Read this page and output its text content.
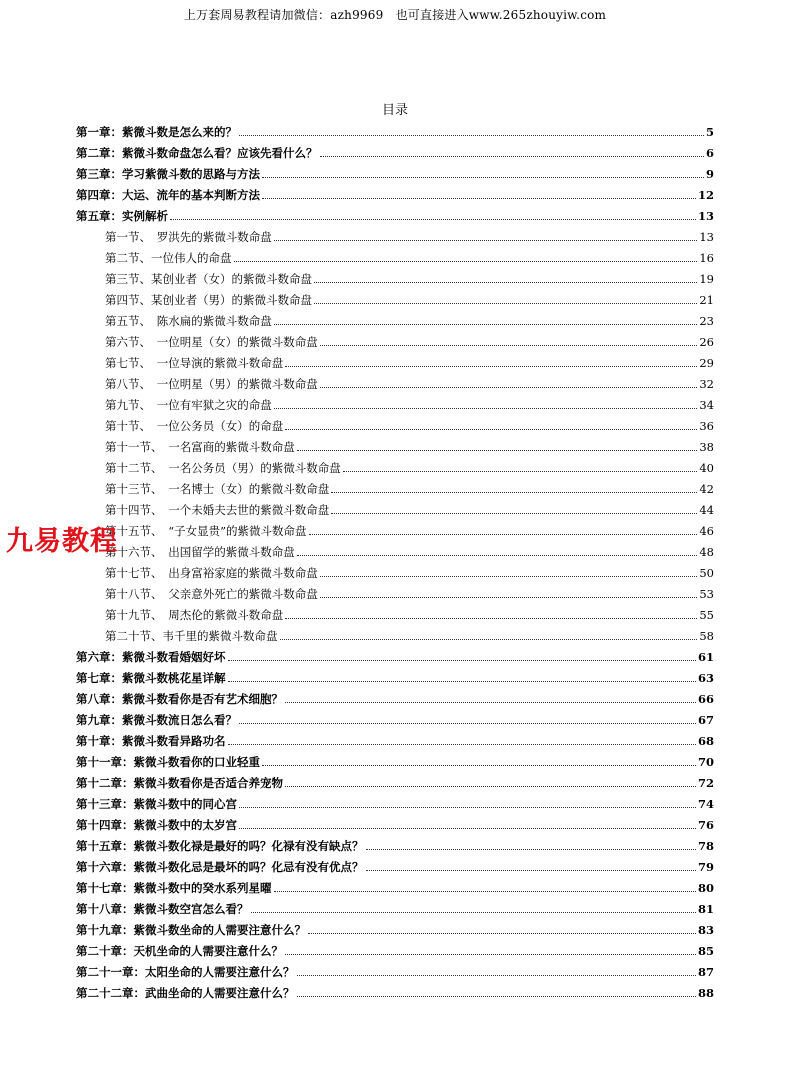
上万套周易教程请加微信：azh9969　也可直接进入www.265zhouyiw.com
目录
第一章：紫微斗数是怎么来的？	5
第二章：紫微斗数命盘怎么看？应该先看什么？	6
第三章：学习紫微斗数的思路与方法	9
第四章：大运、流年的基本判断方法	12
第五章：实例解析	13
第一节、　罗洪先的紫微斗数命盘	13
第二节、一位伟人的命盘	16
第三节、某创业者（女）的紫微斗数命盘	19
第四节、某创业者（男）的紫微斗数命盘	21
第五节、　陈水扁的紫微斗数命盘	23
第六节、　一位明星（女）的紫微斗数命盘	26
第七节、　一位导演的紫微斗数命盘	29
第八节、　一位明星（男）的紫微斗数命盘	32
第九节、　一位有牢狱之灾的命盘	34
第十节、　一位公务员（女）的命盘	36
第十一节、　一名富商的紫微斗数命盘	38
第十二节、　一名公务员（男）的紫微斗数命盘	40
第十三节、　一名博士（女）的紫微斗数命盘	42
第十四节、　一个未婚夫去世的紫微斗数命盘	44
第十五节、　“子女显贵”的紫微斗数命盘	46
第十六节、　出国留学的紫微斗数命盘	48
第十七节、　出身富裕家庭的紫微斗数命盘	50
第十八节、　父亲意外死亡的紫微斗数命盘	53
第十九节、　周杰伦的紫微斗数命盘	55
第二十节、韦千里的紫微斗数命盘	58
第六章：紫微斗数看婚姻好坏	61
第七章：紫微斗数桃花星详解	63
第八章：紫微斗数看你是否有艺术细胞？	66
第九章：紫微斗数流日怎么看？	67
第十章：紫微斗数看异路功名	68
第十一章：紫微斗数看你的口业轻重	70
第十二章：紫微斗数看你是否适合养宠物	72
第十三章：紫微斗数中的同心宫	74
第十四章：紫微斗数中的太岁宫	76
第十五章：紫微斗数化禄是最好的吗？化禄有没有缺点？	78
第十六章：紫微斗数化忌是最坏的吗？化忌有没有优点？	79
第十七章：紫微斗数中的癸水系列星曜	80
第十八章：紫微斗数空宫怎么看？	81
第十九章：紫微斗数坐命的人需要注意什么？	83
第二十章：天机坐命的人需要注意什么？	85
第二十一章：太阳坐命的人需要注意什么？	87
第二十二章：武曲坐命的人需要注意什么？	88
九易教程
